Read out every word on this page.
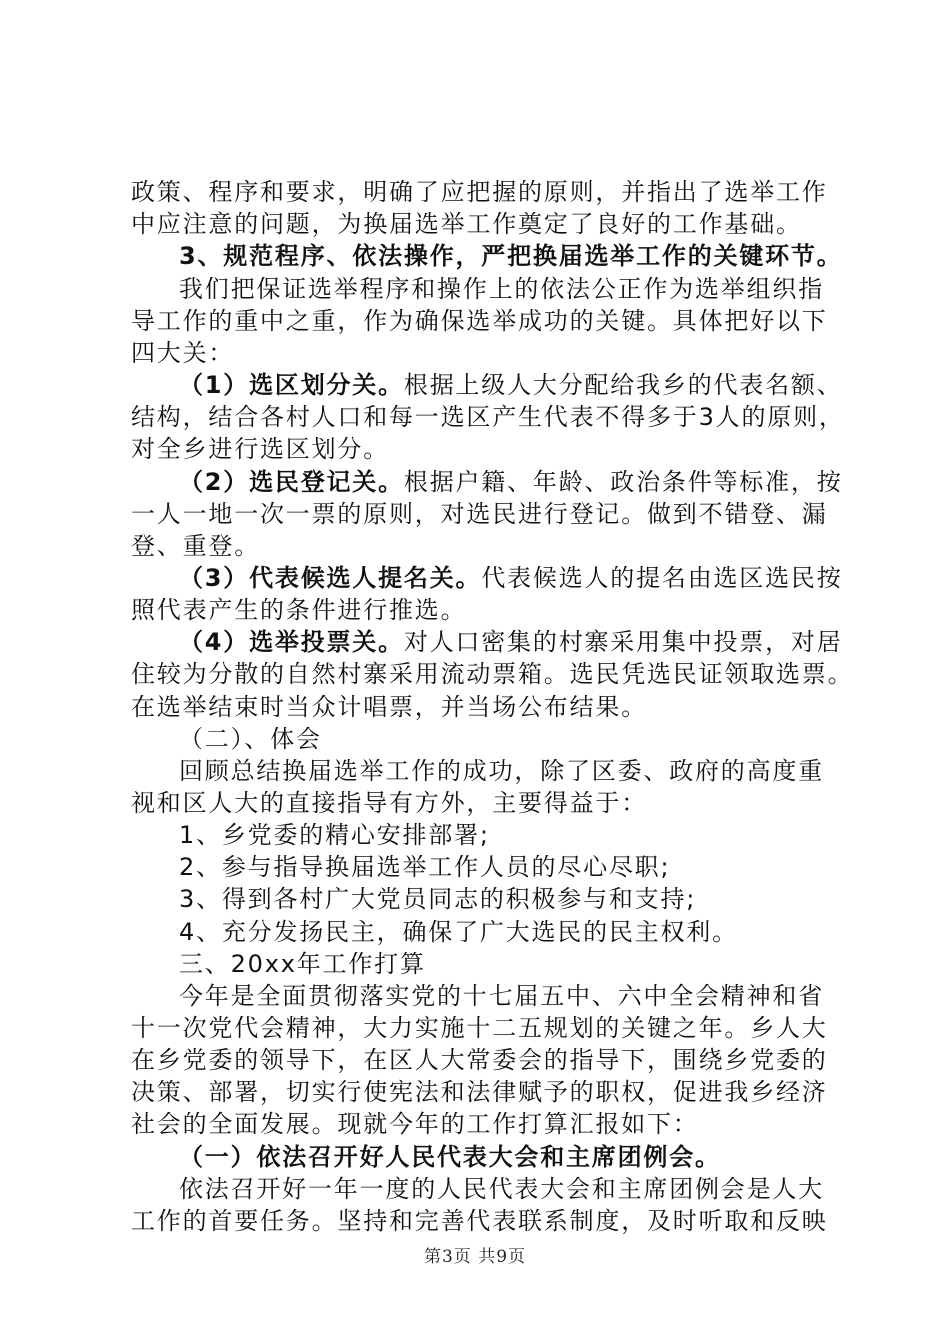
政策、程序和要求，明确了应把握的原则，并指出了选举工作
中应注意的问题，为换届选举工作奠定了良好的工作基础。
3、规范程序、依法操作，严把换届选举工作的关键环节。
我们把保证选举程序和操作上的依法公正作为选举组织指
导工作的重中之重，作为确保选举成功的关键。具体把好以下
四大关：
（1）选区划分关。根据上级人大分配给我乡的代表名额、
结构，结合各村人口和每一选区产生代表不得多于3人的原则，
对全乡进行选区划分。
（2）选民登记关。根据户籍、年龄、政治条件等标准，按
一人一地一次一票的原则，对选民进行登记。做到不错登、漏
登、重登。
（3）代表候选人提名关。代表候选人的提名由选区选民按
照代表产生的条件进行推选。
（4）选举投票关。对人口密集的村寨采用集中投票，对居
住较为分散的自然村寨采用流动票箱。选民凭选民证领取选票。
在选举结束时当众计唱票，并当场公布结果。
（二）、体会
回顾总结换届选举工作的成功，除了区委、政府的高度重
视和区人大的直接指导有方外，主要得益于：
1、乡党委的精心安排部署;
2、参与指导换届选举工作人员的尽心尽职;
3、得到各村广大党员同志的积极参与和支持;
4、充分发扬民主，确保了广大选民的民主权利。
三、20xx年工作打算
今年是全面贯彻落实党的十七届五中、六中全会精神和省
十一次党代会精神，大力实施十二五规划的关键之年。乡人大
在乡党委的领导下，在区人大常委会的指导下，围绕乡党委的
决策、部署，切实行使宪法和法律赋予的职权，促进我乡经济
社会的全面发展。现就今年的工作打算汇报如下：
（一）依法召开好人民代表大会和主席团例会。
依法召开好一年一度的人民代表大会和主席团例会是人大
工作的首要任务。坚持和完善代表联系制度，及时听取和反映
第3页 共9页
